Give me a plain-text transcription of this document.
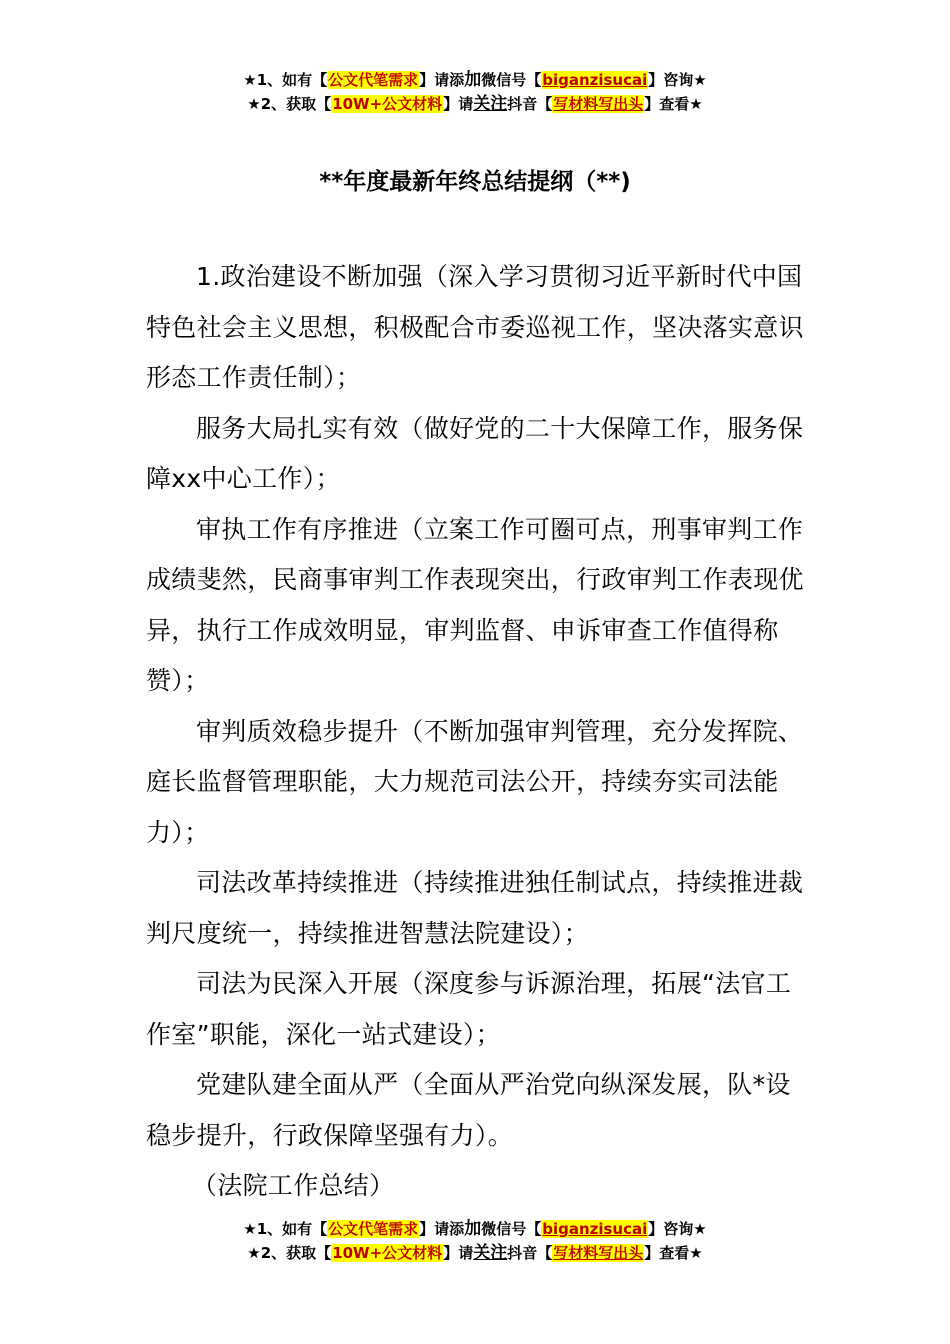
★1、如有【公文代笔需求】请添加微信号【biganzisucai】咨询★
★2、获取【10W+公文材料】请关注抖音【写材料写出头】查看★
**年度最新年终总结提纲（**)

1.政治建设不断加强（深入学习贯彻习近平新时代中国特色社会主义思想，积极配合市委巡视工作，坚决落实意识形态工作责任制）；

服务大局扎实有效（做好党的二十大保障工作，服务保障xx中心工作）；

审执工作有序推进（立案工作可圈可点，刑事审判工作成绩斐然，民商事审判工作表现突出，行政审判工作表现优异，执行工作成效明显，审判监督、申诉审查工作值得称赞）；

审判质效稳步提升（不断加强审判管理，充分发挥院、庭长监督管理职能，大力规范司法公开，持续夯实司法能力）；

司法改革持续推进（持续推进独任制试点，持续推进裁判尺度统一，持续推进智慧法院建设）；

司法为民深入开展（深度参与诉源治理，拓展“法官工作室”职能，深化一站式建设）；

党建队建全面从严（全面从严治党向纵深发展，队*设稳步提升，行政保障坚强有力）。

（法院工作总结）

★1、如有【公文代笔需求】请添加微信号【biganzisucai】咨询★
★2、获取【10W+公文材料】请关注抖音【写材料写出头】查看★
